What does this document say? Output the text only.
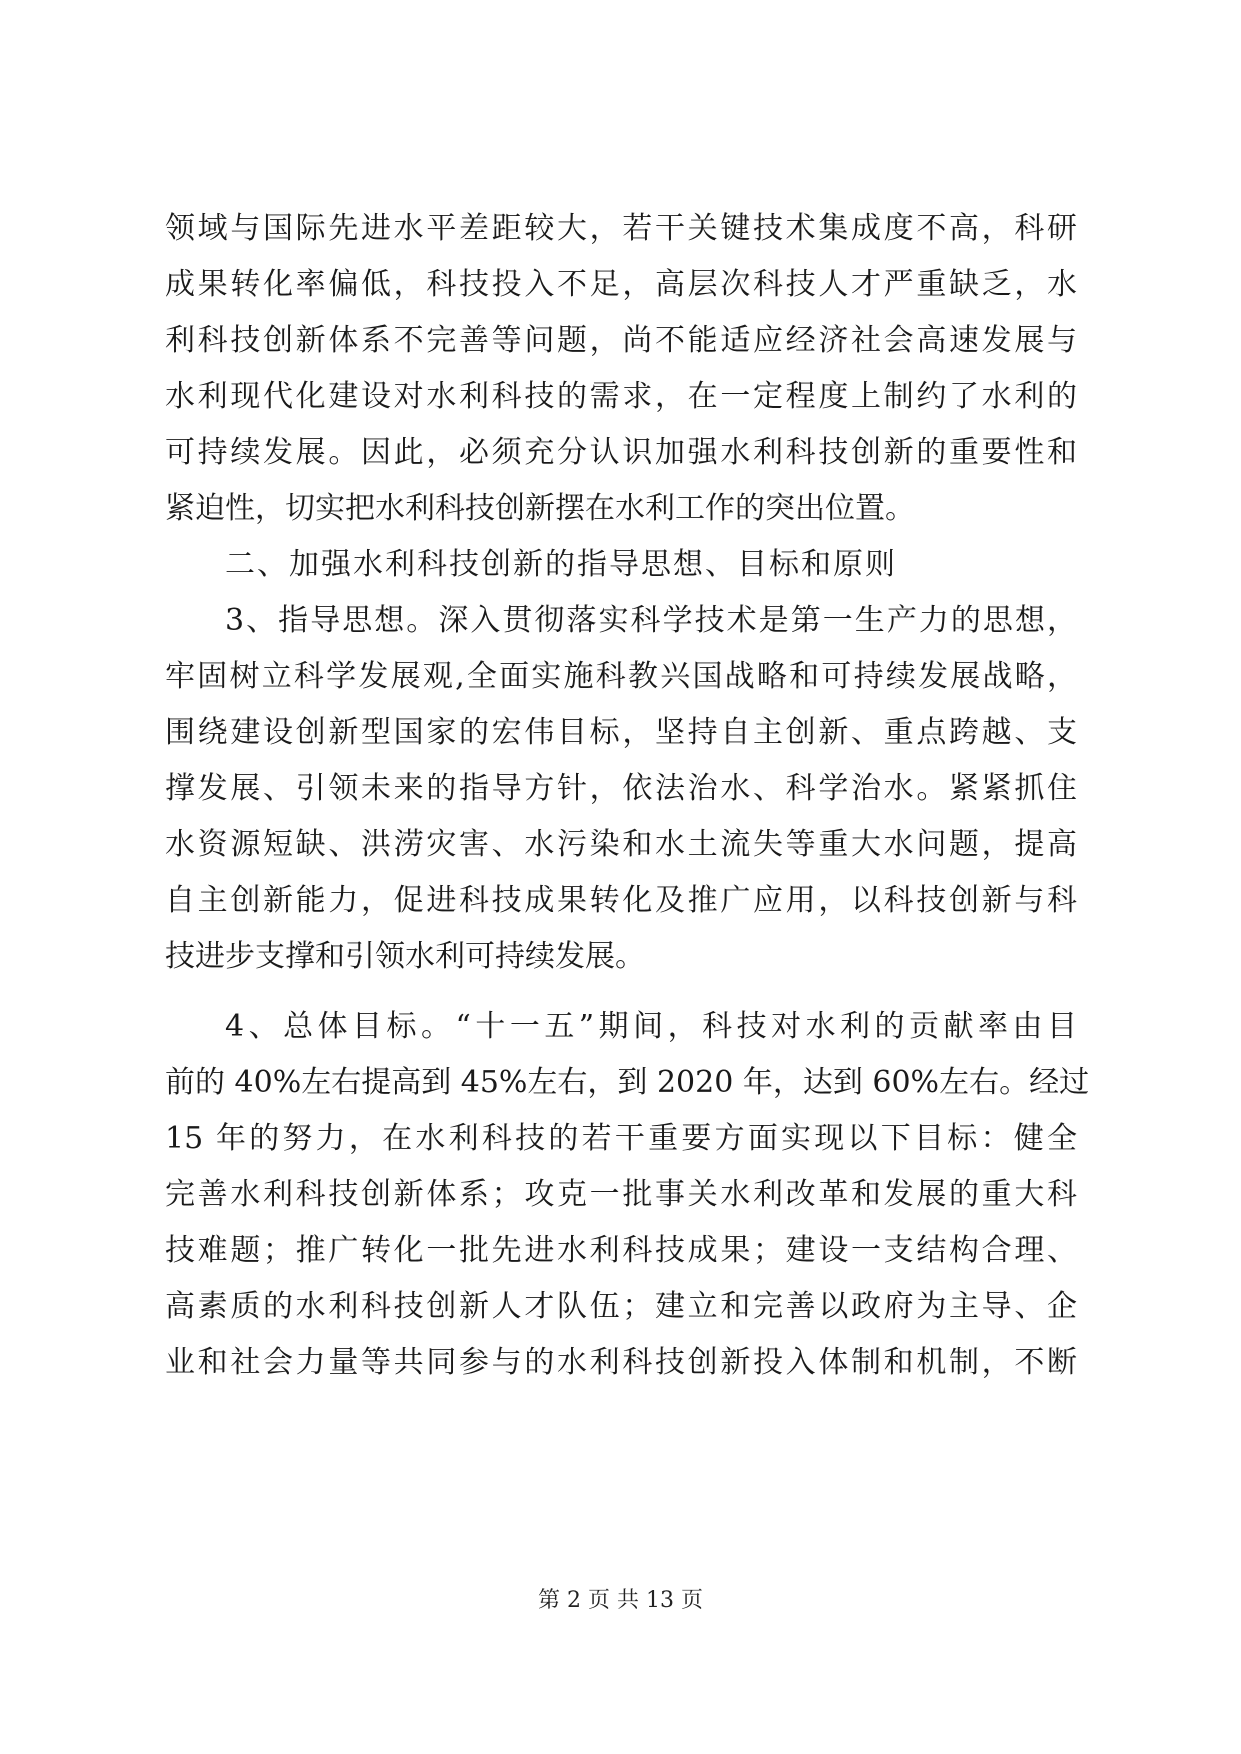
领域与国际先进水平差距较大，若干关键技术集成度不高，科研
成果转化率偏低，科技投入不足，高层次科技人才严重缺乏，水
利科技创新体系不完善等问题，尚不能适应经济社会高速发展与
水利现代化建设对水利科技的需求，在一定程度上制约了水利的
可持续发展。因此，必须充分认识加强水利科技创新的重要性和
紧迫性，切实把水利科技创新摆在水利工作的突出位置。
二、加强水利科技创新的指导思想、目标和原则
3、指导思想。深入贯彻落实科学技术是第一生产力的思想，
牢固树立科学发展观,全面实施科教兴国战略和可持续发展战略，
围绕建设创新型国家的宏伟目标，坚持自主创新、重点跨越、支
撑发展、引领未来的指导方针，依法治水、科学治水。紧紧抓住
水资源短缺、洪涝灾害、水污染和水土流失等重大水问题，提高
自主创新能力，促进科技成果转化及推广应用，以科技创新与科
技进步支撑和引领水利可持续发展。
4、总体目标。“十一五”期间，科技对水利的贡献率由目
前的 40%左右提高到 45%左右，到 2020 年，达到 60%左右。经过
15 年的努力，在水利科技的若干重要方面实现以下目标：健全
完善水利科技创新体系；攻克一批事关水利改革和发展的重大科
技难题；推广转化一批先进水利科技成果；建设一支结构合理、
高素质的水利科技创新人才队伍；建立和完善以政府为主导、企
业和社会力量等共同参与的水利科技创新投入体制和机制，不断
第 2 页 共 13 页
